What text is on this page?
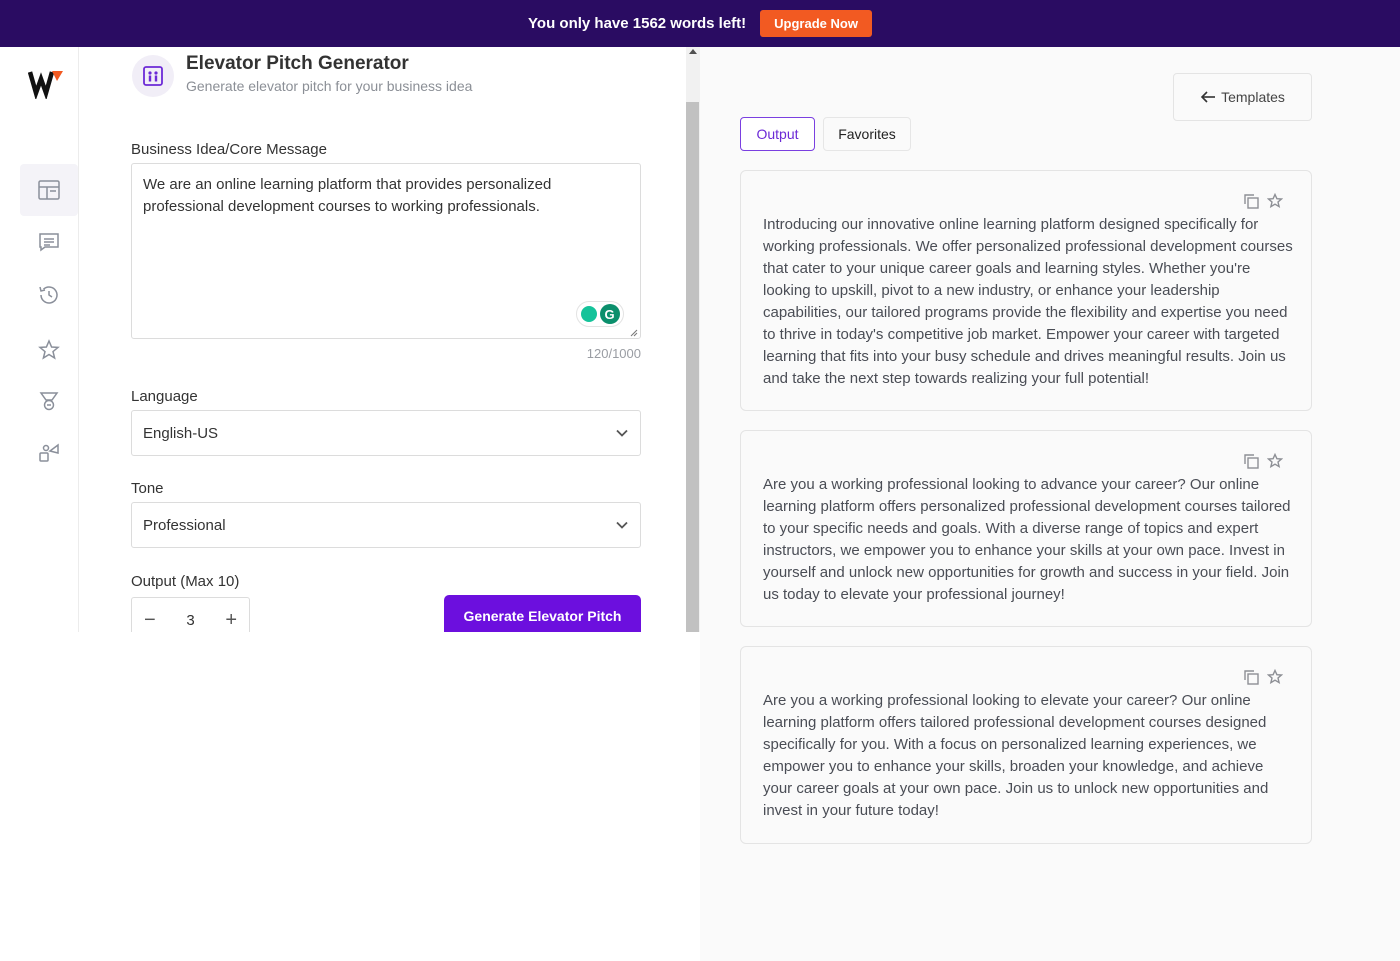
You only have 1562 words left!	Upgrade Now
Elevator Pitch Generator
Generate elevator pitch for your business idea
Business Idea/Core Message
We are an online learning platform that provides personalized professional development courses to working professionals.
G
120/1000
Language
English-US
Tone
Professional
Output (Max 10)
− 3 +	Generate Elevator Pitch
Templates
Output	Favorites
Introducing our innovative online learning platform designed specifically for working professionals. We offer personalized professional development courses that cater to your unique career goals and learning styles. Whether you're looking to upskill, pivot to a new industry, or enhance your leadership capabilities, our tailored programs provide the flexibility and expertise you need to thrive in today's competitive job market. Empower your career with targeted learning that fits into your busy schedule and drives meaningful results. Join us and take the next step towards realizing your full potential!
Are you a working professional looking to advance your career? Our online learning platform offers personalized professional development courses tailored to your specific needs and goals. With a diverse range of topics and expert instructors, we empower you to enhance your skills at your own pace. Invest in yourself and unlock new opportunities for growth and success in your field. Join us today to elevate your professional journey!
Are you a working professional looking to elevate your career? Our online learning platform offers tailored professional development courses designed specifically for you. With a focus on personalized learning experiences, we empower you to enhance your skills, broaden your knowledge, and achieve your career goals at your own pace. Join us to unlock new opportunities and invest in your future today!
